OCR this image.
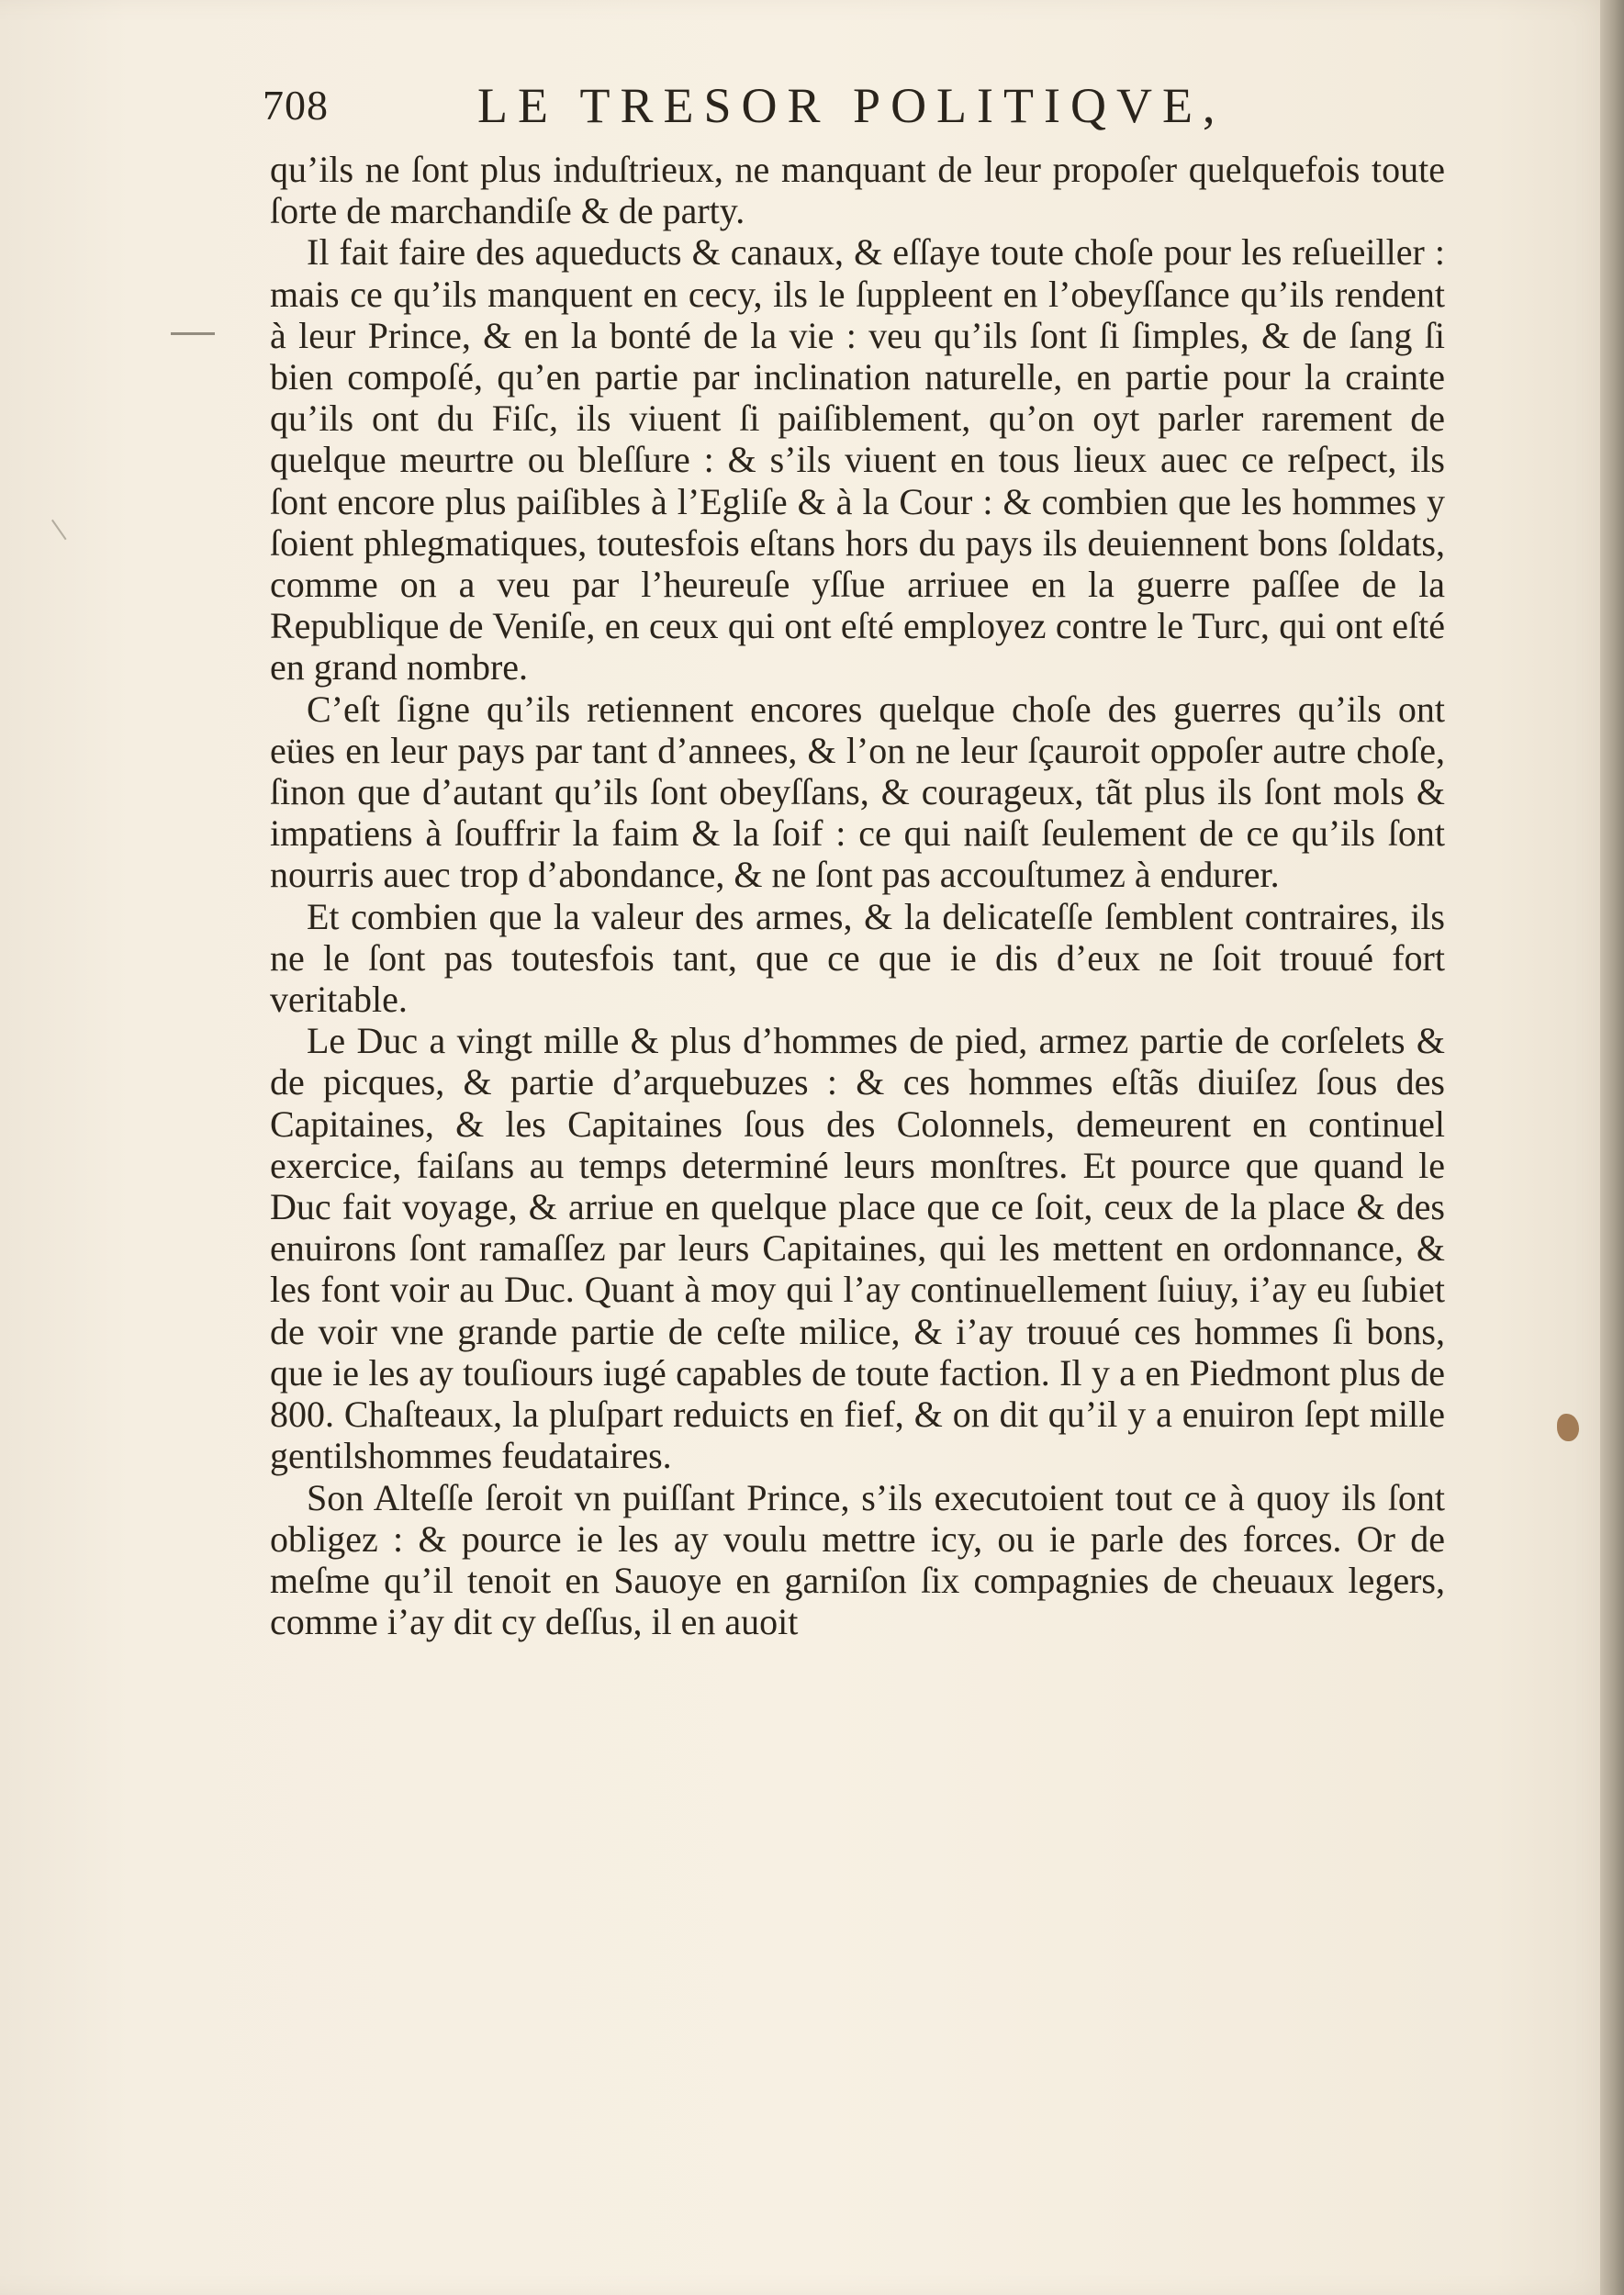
708	LE TRESOR POLITIQVE,

qu’ils ne ſont plus induſtrieux, ne manquant de leur propoſer quelquefois toute ſorte de marchandiſe & de party.

Il fait faire des aqueducts & canaux, & eſſaye toute choſe pour les reſueiller : mais ce qu’ils manquent en cecy, ils le ſuppleent en l’obeyſſance qu’ils rendent à leur Prince, & en la bonté de la vie : veu qu’ils ſont ſi ſimples, & de ſang ſi bien compoſé, qu’en partie par inclination naturelle, en partie pour la crainte qu’ils ont du Fiſc, ils viuent ſi paiſiblement, qu’on oyt parler rarement de quelque meurtre ou bleſſure : & s’ils viuent en tous lieux auec ce reſpect, ils ſont encore plus paiſibles à l’Egliſe & à la Cour : & combien que les hommes y ſoient phlegmatiques, toutesfois eſtans hors du pays ils deuiennent bons ſoldats, comme on a veu par l’heureuſe yſſue arriuee en la guerre paſſee de la Republique de Veniſe, en ceux qui ont eſté employez contre le Turc, qui ont eſté en grand nombre.

C’eſt ſigne qu’ils retiennent encores quelque choſe des guerres qu’ils ont eües en leur pays par tant d’annees, & l’on ne leur ſçauroit oppoſer autre choſe, ſinon que d’autant qu’ils ſont obeyſſans, & courageux, tãt plus ils ſont mols & impatiens à ſouffrir la faim & la ſoif : ce qui naiſt ſeulement de ce qu’ils ſont nourris auec trop d’abondance, & ne ſont pas accouſtumez à endurer.

Et combien que la valeur des armes, & la delicateſſe ſemblent contraires, ils ne le ſont pas toutesfois tant, que ce que ie dis d’eux ne ſoit trouué fort veritable.

Le Duc a vingt mille & plus d’hommes de pied, armez partie de corſelets & de picques, & partie d’arquebuzes : & ces hommes eſtãs diuiſez ſous des Capitaines, & les Capitaines ſous des Colonnels, demeurent en continuel exercice, faiſans au temps determiné leurs monſtres. Et pource que quand le Duc fait voyage, & arriue en quelque place que ce ſoit, ceux de la place & des enuirons ſont ramaſſez par leurs Capitaines, qui les mettent en ordonnance, & les font voir au Duc. Quant à moy qui l’ay continuellement ſuiuy, i’ay eu ſubiet de voir vne grande partie de ceſte milice, & i’ay trouué ces hommes ſi bons, que ie les ay touſiours iugé capables de toute faction. Il y a en Piedmont plus de 800. Chaſteaux, la pluſpart reduicts en fief, & on dit qu’il y a enuiron ſept mille gentilshommes feudataires.

Son Alteſſe ſeroit vn puiſſant Prince, s’ils executoient tout ce à quoy ils ſont obligez : & pource ie les ay voulu mettre icy, ou ie parle des forces. Or de meſme qu’il tenoit en Sauoye en garniſon ſix compagnies de cheuaux legers, comme i’ay dit cy deſſus, il en auoit
